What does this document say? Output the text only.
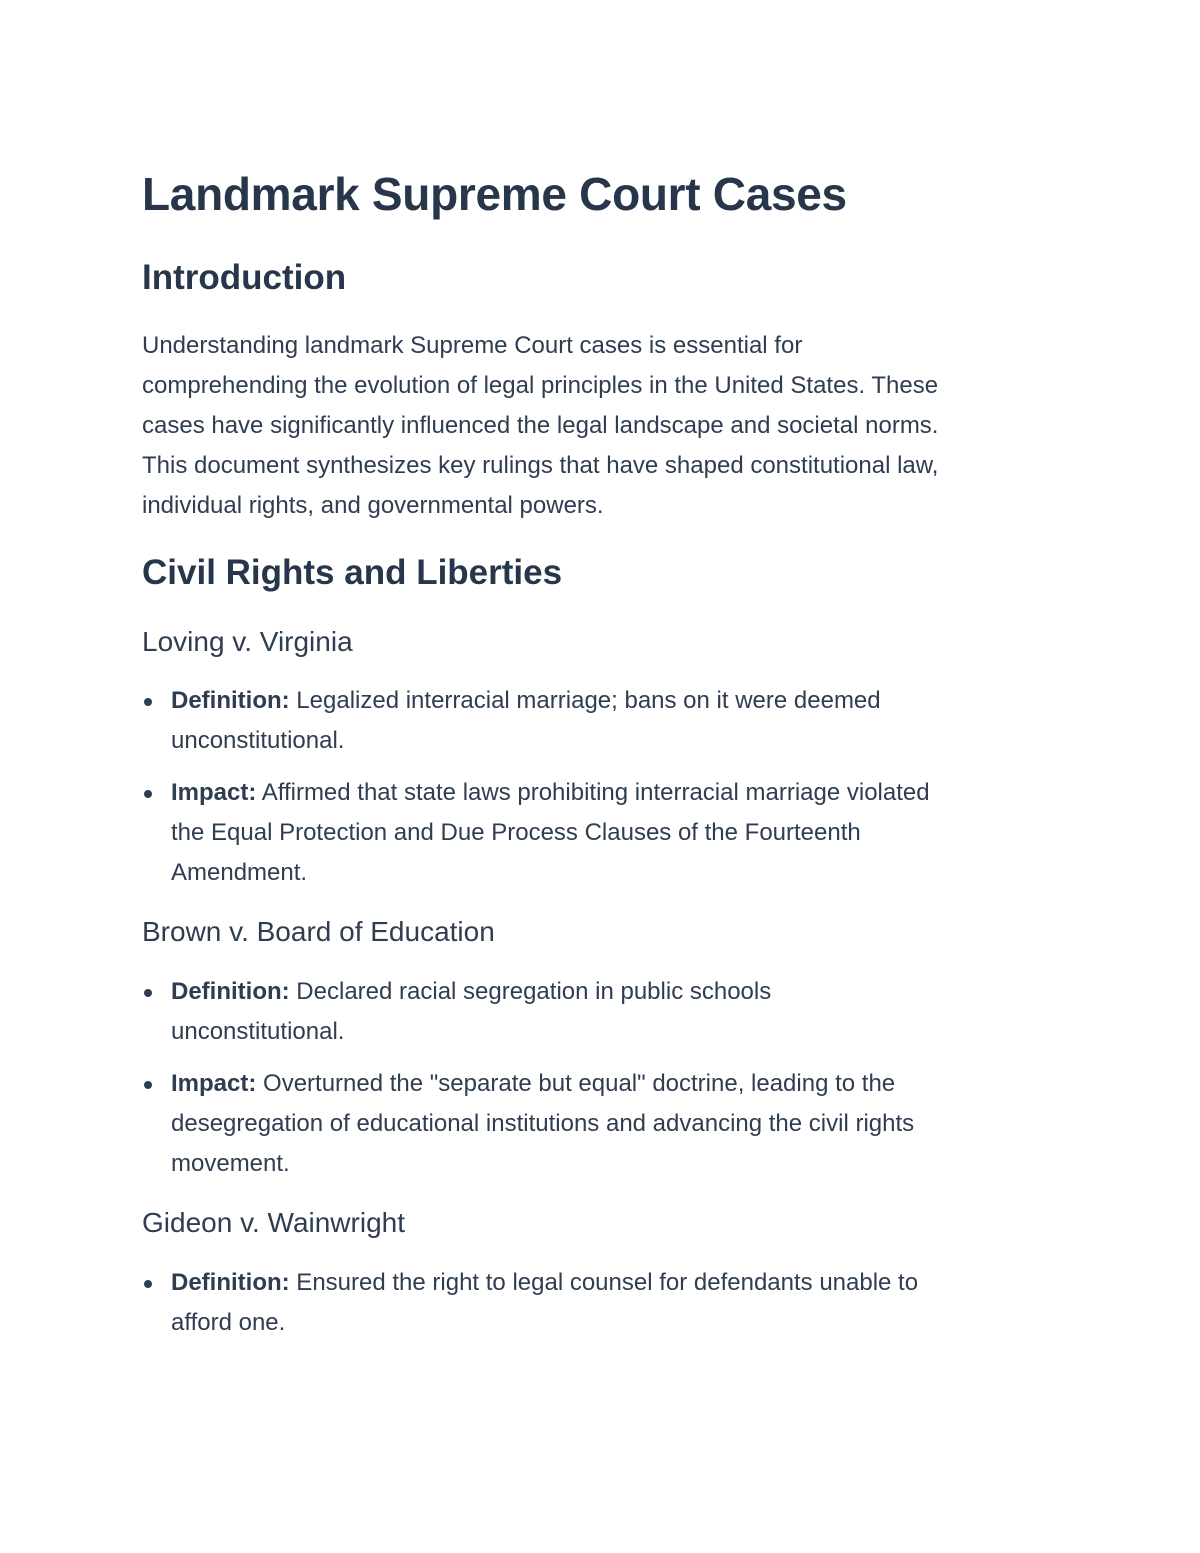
Landmark Supreme Court Cases
Introduction

Understanding landmark Supreme Court cases is essential for
comprehending the evolution of legal principles in the United States. These
cases have significantly influenced the legal landscape and societal norms.
This document synthesizes key rulings that have shaped constitutional law,
individual rights, and governmental powers.

Civil Rights and Liberties
Loving v. Virginia
Definition: Legalized interracial marriage; bans on it were deemed
unconstitutional.
Impact: Affirmed that state laws prohibiting interracial marriage violated
the Equal Protection and Due Process Clauses of the Fourteenth
Amendment.
Brown v. Board of Education
Definition: Declared racial segregation in public schools
unconstitutional.
Impact: Overturned the "separate but equal" doctrine, leading to the
desegregation of educational institutions and advancing the civil rights
movement.
Gideon v. Wainwright
Definition: Ensured the right to legal counsel for defendants unable to
afford one.
